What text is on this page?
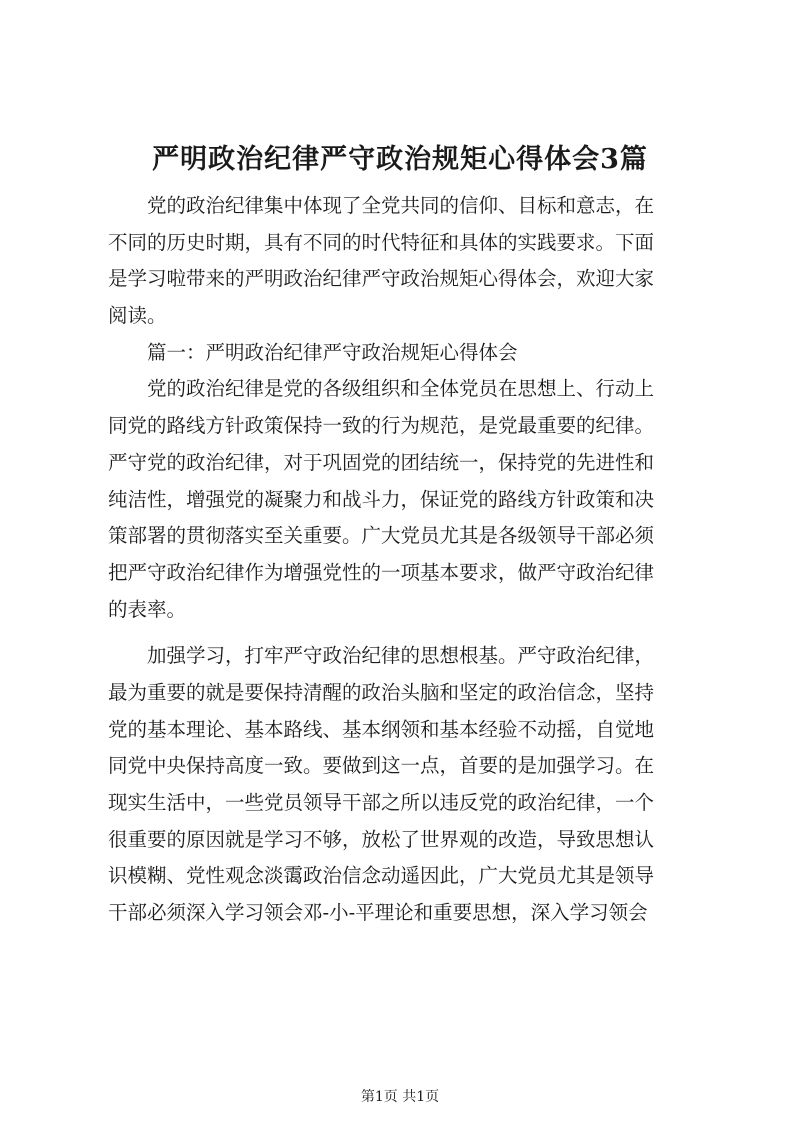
严明政治纪律严守政治规矩心得体会3篇
党的政治纪律集中体现了全党共同的信仰、目标和意志，在
不同的历史时期，具有不同的时代特征和具体的实践要求。下面
是学习啦带来的严明政治纪律严守政治规矩心得体会，欢迎大家
阅读。
篇一：严明政治纪律严守政治规矩心得体会
党的政治纪律是党的各级组织和全体党员在思想上、行动上
同党的路线方针政策保持一致的行为规范，是党最重要的纪律。
严守党的政治纪律，对于巩固党的团结统一，保持党的先进性和
纯洁性，增强党的凝聚力和战斗力，保证党的路线方针政策和决
策部署的贯彻落实至关重要。广大党员尤其是各级领导干部必须
把严守政治纪律作为增强党性的一项基本要求，做严守政治纪律
的表率。
加强学习，打牢严守政治纪律的思想根基。严守政治纪律，
最为重要的就是要保持清醒的政治头脑和坚定的政治信念，坚持
党的基本理论、基本路线、基本纲领和基本经验不动摇，自觉地
同党中央保持高度一致。要做到这一点，首要的是加强学习。在
现实生活中，一些党员领导干部之所以违反党的政治纪律，一个
很重要的原因就是学习不够，放松了世界观的改造，导致思想认
识模糊、党性观念淡霭政治信念动遥因此，广大党员尤其是领导
干部必须深入学习领会邓-小-平理论和重要思想，深入学习领会
第1页 共1页
